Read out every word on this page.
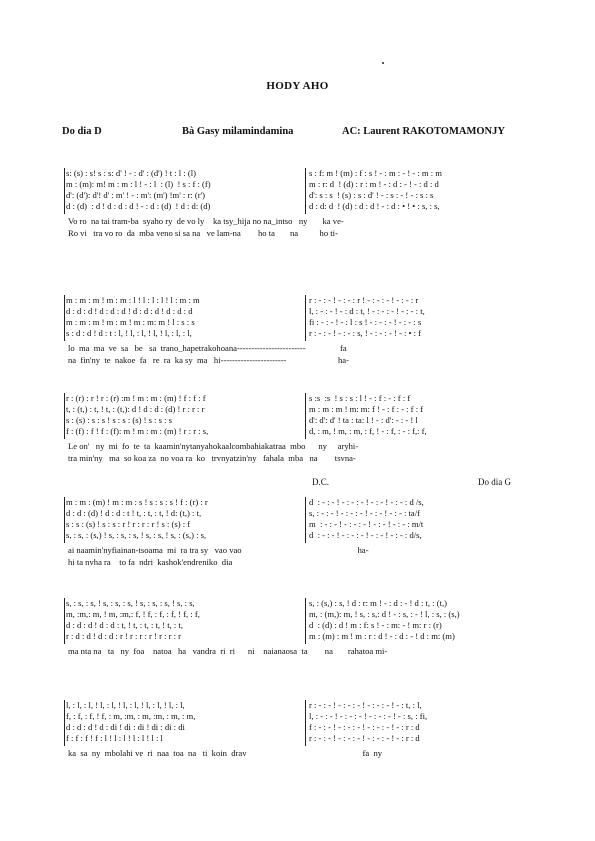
HODY AHO
Do dia D	Bà Gasy milamindamina	AC: Laurent RAKOTOMAMONJY
s: (s) : s! s : s: d' ! - : d' : (d') ! t : l : (l)
m : (m): m! m : m : l ! - : l  : (l)  ! s : f : (f)
d': (d'): d'! d' : m' ! - : m': (m') !m' : r: (r')
d : (d)  : d ! d : d : d ! - : d : (d)  ! d : d: (d)
s : f: m ! (m) : f : s ! - : m : - ! - : m : m
m : r: d  ! (d) : r : m ! - : d : - ! - : d : d
d': s : s  ! (s) : s : d' ! - : s : - ! - : s : s
d : d: d  ! (d) : d : d ! - : d : • ! • : s, : s,
Vo ro  na tai tram-ba  syaho ry  de vo ly    ka tsy_hija no na_intso   ny       ka ve-
Ro vi   tra vo ro  da  mba veno si sa na   ve lam-na        ho ta       na          ho ti-
m : m : m ! m : m : l ! l : l : l ! l : m : m
d : d : d ! d : d : d ! d : d : d ! d : d : d
m : m : m ! m : m ! m : m: m ! l : s : s
s : d : d ! d : t : l, ! l, : l, ! l, ! l, : l, : l,
r : - : - ! - : - : r ! - : - : - ! - : - : r
l, : - : - ! - : d : t, ! - : - : - ! - : - : t,
fi : - : - ! - : l : s ! - : - : - ! - : - : s
r : - : - ! - : - : s, ! - : - : - ! - : • : f
lo  ma  ma  ve  sa   be   sa  trano_hapetrakohoana------------------------                fa
na  fin'ny  te  nakoe  fa   re  ra  ka sy  ma   hi-----------------------                        ha-
r : (r) : r ! r : (r) :m ! m : m : (m) ! f : f : f
t, : (t,) : t, ! t, : (t,): d ! d : d : (d) ! r : r : r
s : (s) : s : s ! s : s : (s) ! s : s : s
f : (f) : f ! f : (f): m ! m : m : (m) ! r : r : s,
s :s  :s  ! s : s : l ! - : f : - : f : f
m : m : m ! m: m: f ! - : f : - : f : f
d': d': d' ! ta : ta: l ! - : d': - : - ! l
d, : m, ! m, : m, : f, ! - : f, : - : f,: f,
Le on'   ny  mi  fo  te  ta  kaamin'nytanyahokaalcombahiakatraa  mbo      ny     aryhi-
tra min'ny   ma  so koa za  no voa ra  ko   trvnyatzin'ny   fahala  mba   na        tsvna-
D.C.	Do dia G
m : m : (m) ! m : m : s ! s : s : s ! f : (r) : r
d : d : (d) ! d : d : t ! t, : t, : t, ! d: (t,) : t,
s : s : (s) ! s : s : r ! r : r : r ! s : (s) : f
s, : s, : (s,) ! s, : s, : s, ! s, : s, ! s, : (s,) : s,
d  : - : - ! - : - : - ! - : - ! - : - : d /s,
s, : - : - ! - : - : - ! - : - ! - : - : ta/f
m  : - : - ! - : - : - ! - : - ! - : - : m/t
d  : - : - ! - : - : - ! - : - ! - : - : d/s,
ai naamin'nyfiainan-tsoama  mi  ra tra sy   vao vao                                                      ha-
hi ta nvha ra    to fa  ndri  kashok'endreniko  dia
s, : s, : s, ! s, : s, : s, ! s, : s, : s, ! s, : s,
m, :m,: m, ! m, :m,: f, ! f, : f, : f, ! f, : f,
d : d : d ! d : d : t, ! t, : t, : t, ! t, : t,
r : d : d ! d : d : r ! r : r : r ! r : r : r
s, : (s,) : s, ! d : r: m ! - : d : - ! d : t, : (t,)
m, : (m,): m, ! s, : s,: d ! - : s, : - ! l, : s, : (s,)
d  : (d) : d ! m : f: s ! - : m: - ! m: r : (r)
m : (m) : m ! m : r : d ! - : d : - ! d : m: (m)
ma nta na   ta   ny  foa    natoa   ha   vandra  ri  ri      ni    naianaosa  ta        na       rahatoa mi-
l, : l, : l, ! l, : l, ! l, : l, ! l, : l, ! l, : l,
f, : f, : f, ! f, : m, :m, : m, :m, : m, : m,
d : d : d ! d : di ! di : di ! di : di : di
f : f : f ! f : l ! l : l ! l : l ! l : l
r : - : - ! - : - : - ! - : - : - ! - : t, : l,
l, : - : - ! - : - : - ! - : - : - ! - : s, : fi,
f : - : - ! - : - : - ! - : - : - ! - : r : d
r : - : - ! - : - : - ! - : - : - ! - : r : d
ka  sa  ny  mbolahi ve  ri  naa  toa  na   ti  koin  drav                                                      fa  ny
